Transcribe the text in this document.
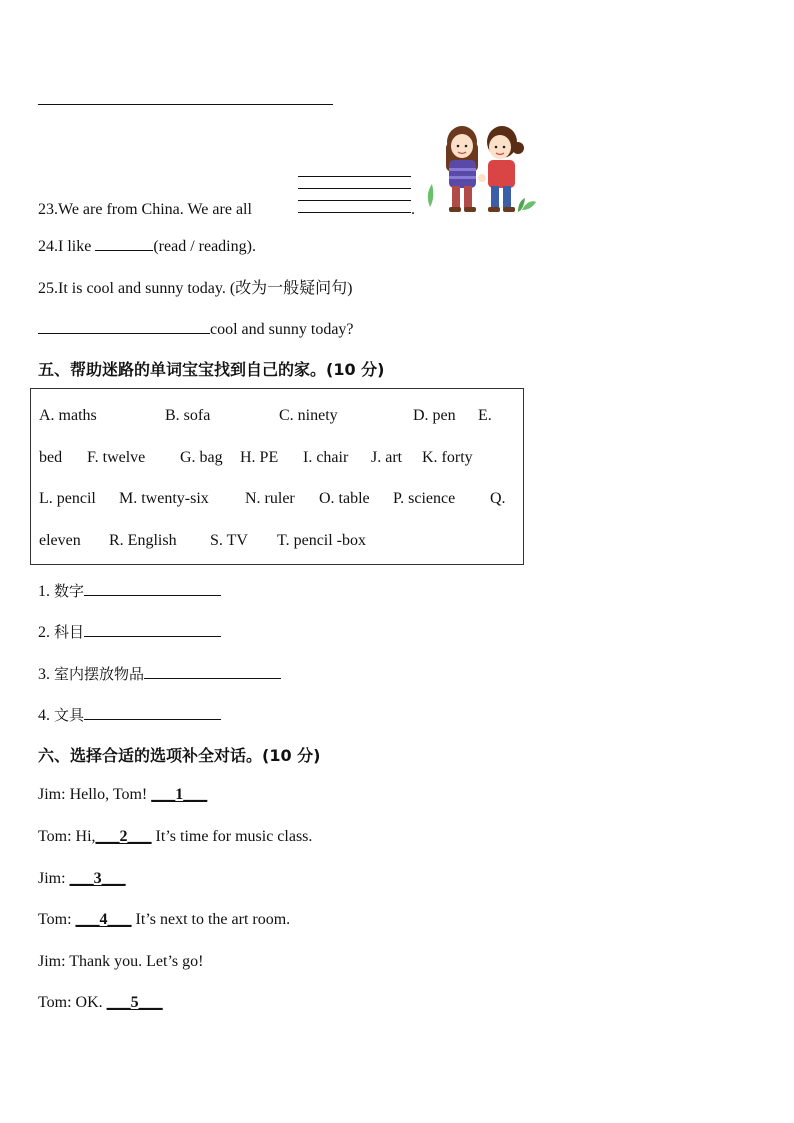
23.We are from China. We are all	.
24.I like	(read / reading).
25.It is cool and sunny today. (改为一般疑问句)
cool and sunny today?
五、帮助迷路的单词宝宝找到自己的家。(10 分)
A. maths	B. sofa	C. ninety	D. pen E.
bed F. twelve G. bag H. PE I. chair J. art K. forty
L. pencil M. twenty-six N. ruler O. table P. science Q.
eleven R. English S. TV T. pencil -box
1. 数字
2. 科目
3. 室内摆放物品
4. 文具
六、选择合适的选项补全对话。(10 分)
Jim: Hello, Tom! ___1___
Tom: Hi,___2___ It’s time for music class.
Jim: ___3___
Tom: ___4___ It’s next to the art room.
Jim: Thank you. Let’s go!
Tom: OK. ___5___
